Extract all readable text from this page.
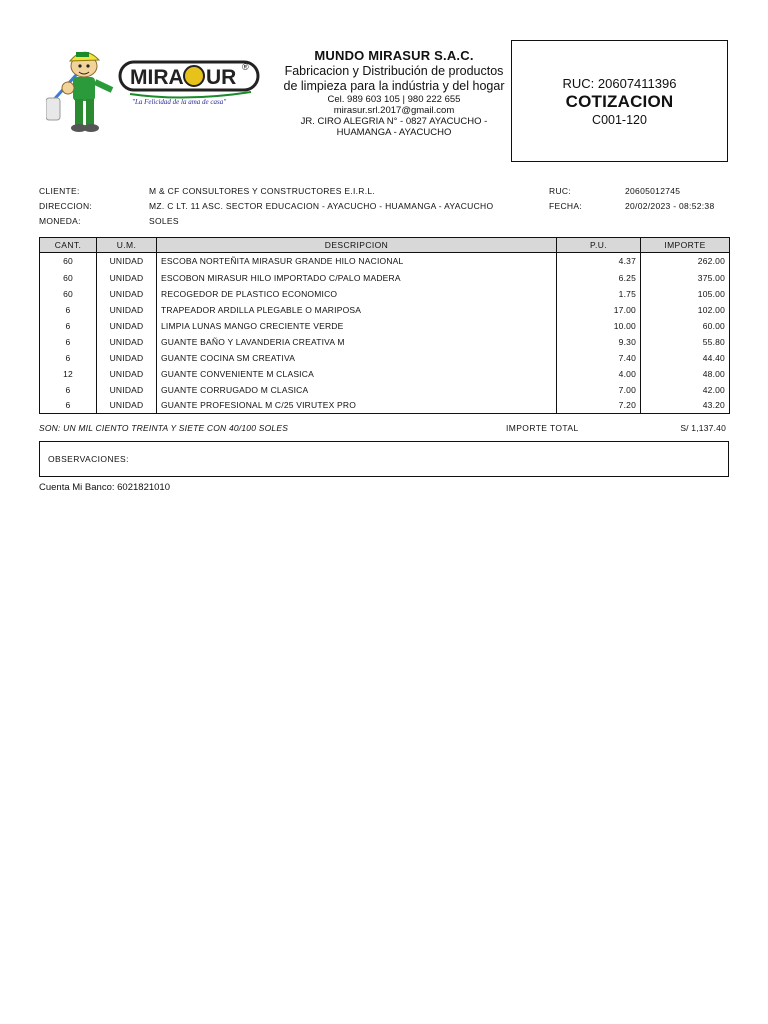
MIRA UR ®
"La Felicidad de la ama de casa"
MUNDO MIRASUR S.A.C.
Fabricacion y Distribución de productos de limpieza para la indústria y del hogar
Cel. 989 603 105 | 980 222 655
mirasur.srl.2017@gmail.com
JR. CIRO ALEGRIA N° - 0827 AYACUCHO - HUAMANGA - AYACUCHO
RUC: 20607411396
COTIZACION
C001-120
CLIENTE:	M & CF CONSULTORES Y CONSTRUCTORES E.I.R.L.	RUC:	20605012745
DIRECCION:	MZ. C LT. 11 ASC. SECTOR EDUCACION - AYACUCHO - HUAMANGA - AYACUCHO	FECHA:	20/02/2023 - 08:52:38
MONEDA:	SOLES
CANT.	U.M.	DESCRIPCION	P.U.	IMPORTE
60	UNIDAD	ESCOBA NORTEÑITA MIRASUR GRANDE HILO NACIONAL	4.37	262.00
60	UNIDAD	ESCOBON MIRASUR HILO IMPORTADO C/PALO MADERA	6.25	375.00
60	UNIDAD	RECOGEDOR DE PLASTICO ECONOMICO	1.75	105.00
6	UNIDAD	TRAPEADOR ARDILLA PLEGABLE O MARIPOSA	17.00	102.00
6	UNIDAD	LIMPIA LUNAS MANGO CRECIENTE VERDE	10.00	60.00
6	UNIDAD	GUANTE BAÑO Y LAVANDERIA CREATIVA M	9.30	55.80
6	UNIDAD	GUANTE COCINA SM CREATIVA	7.40	44.40
12	UNIDAD	GUANTE CONVENIENTE M CLASICA	4.00	48.00
6	UNIDAD	GUANTE CORRUGADO M CLASICA	7.00	42.00
6	UNIDAD	GUANTE PROFESIONAL M C/25 VIRUTEX PRO	7.20	43.20
SON: UN MIL CIENTO TREINTA Y SIETE CON 40/100 SOLES	IMPORTE TOTAL	S/ 1,137.40
OBSERVACIONES:
Cuenta Mi Banco: 6021821010
